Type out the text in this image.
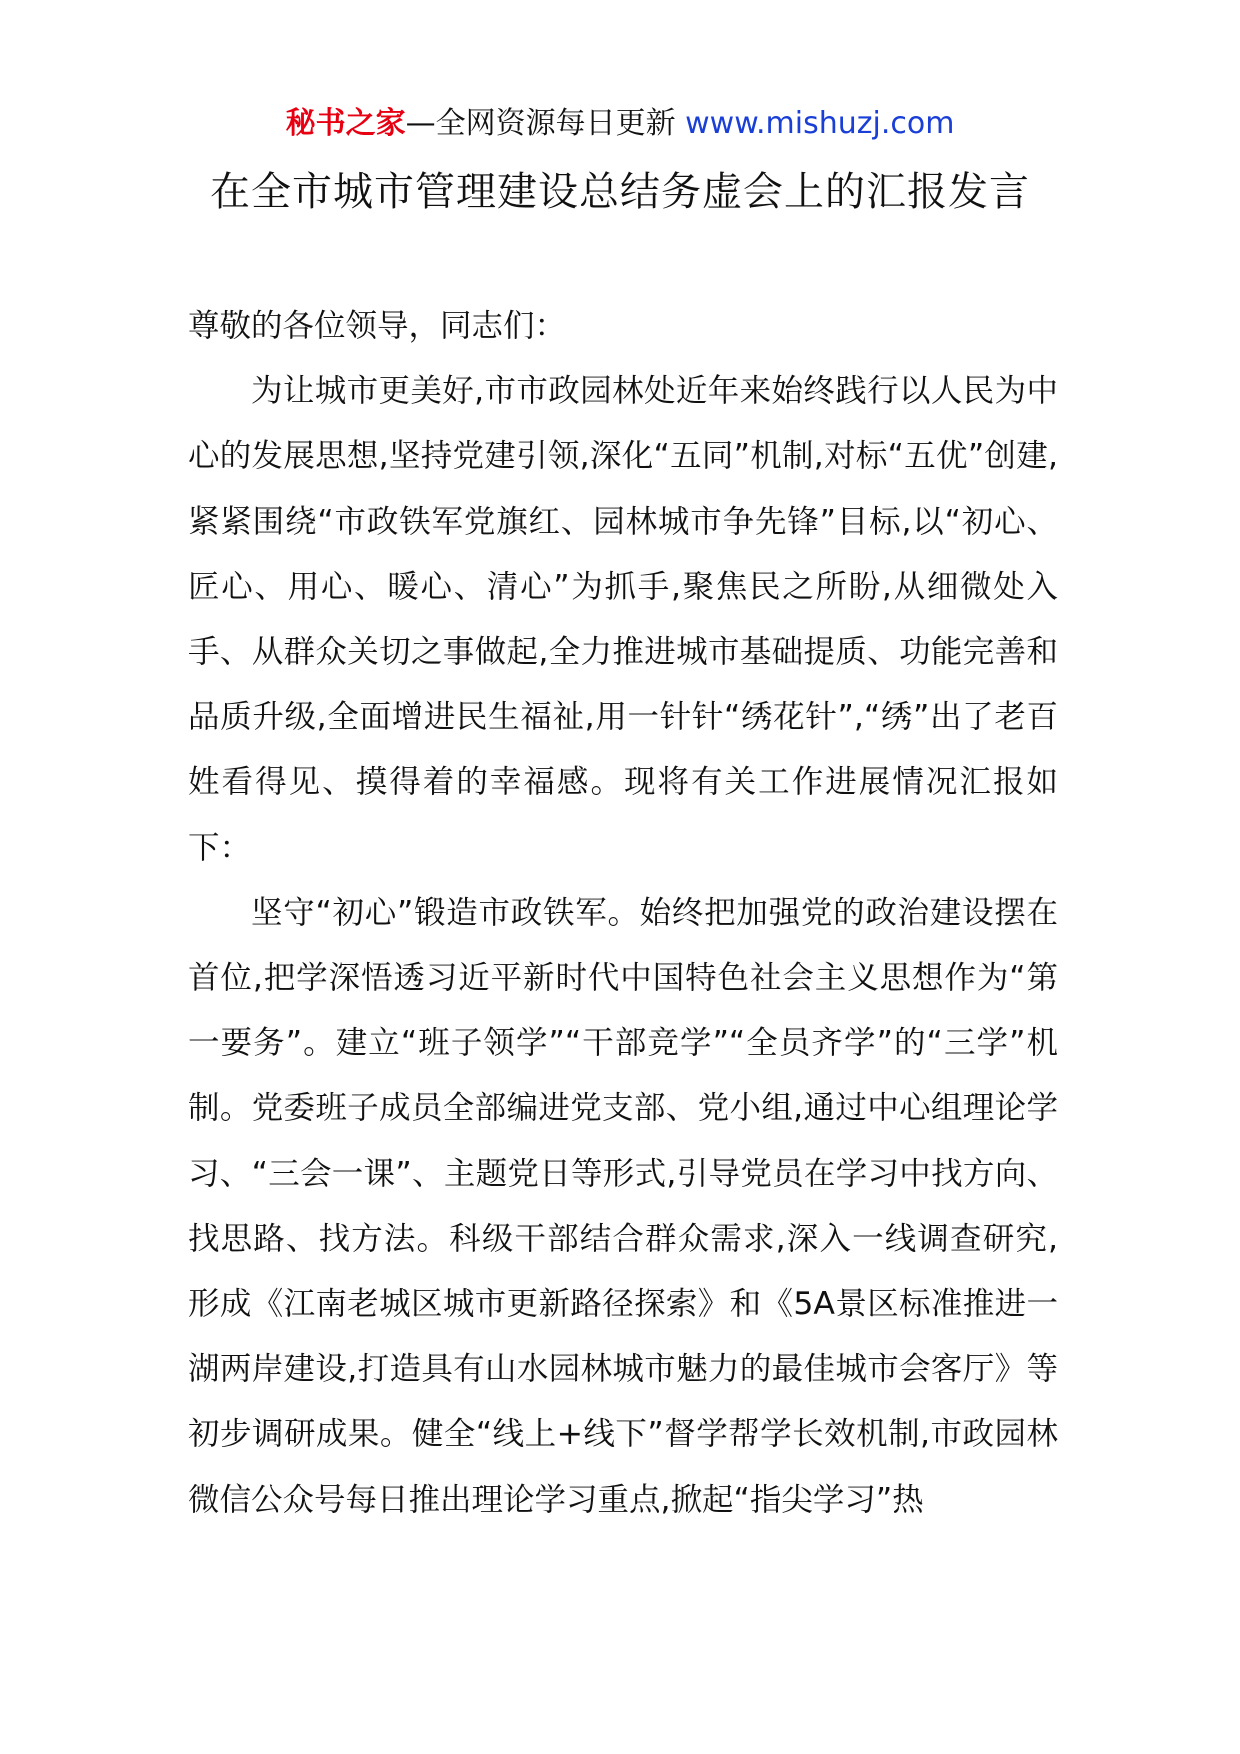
秘书之家—全网资源每日更新 www.mishuzj.com
在全市城市管理建设总结务虚会上的汇报发言

尊敬的各位领导，同志们：

为让城市更美好,市市政园林处近年来始终践行以人民为中心的发展思想,坚持党建引领,深化“五同”机制,对标“五优”创建,紧紧围绕“市政铁军党旗红、园林城市争先锋”目标,以“初心、匠心、用心、暖心、清心”为抓手,聚焦民之所盼,从细微处入手、从群众关切之事做起,全力推进城市基础提质、功能完善和品质升级,全面增进民生福祉,用一针针“绣花针”,“绣”出了老百姓看得见、摸得着的幸福感。现将有关工作进展情况汇报如下：

坚守“初心”锻造市政铁军。始终把加强党的政治建设摆在首位,把学深悟透习近平新时代中国特色社会主义思想作为“第一要务”。建立“班子领学”“干部竞学”“全员齐学”的“三学”机制。党委班子成员全部编进党支部、党小组,通过中心组理论学习、“三会一课”、主题党日等形式,引导党员在学习中找方向、找思路、找方法。科级干部结合群众需求,深入一线调查研究,形成《江南老城区城市更新路径探索》和《5A景区标准推进一湖两岸建设,打造具有山水园林城市魅力的最佳城市会客厅》等初步调研成果。健全“线上+线下”督学帮学长效机制,市政园林微信公众号每日推出理论学习重点,掀起“指尖学习”热
